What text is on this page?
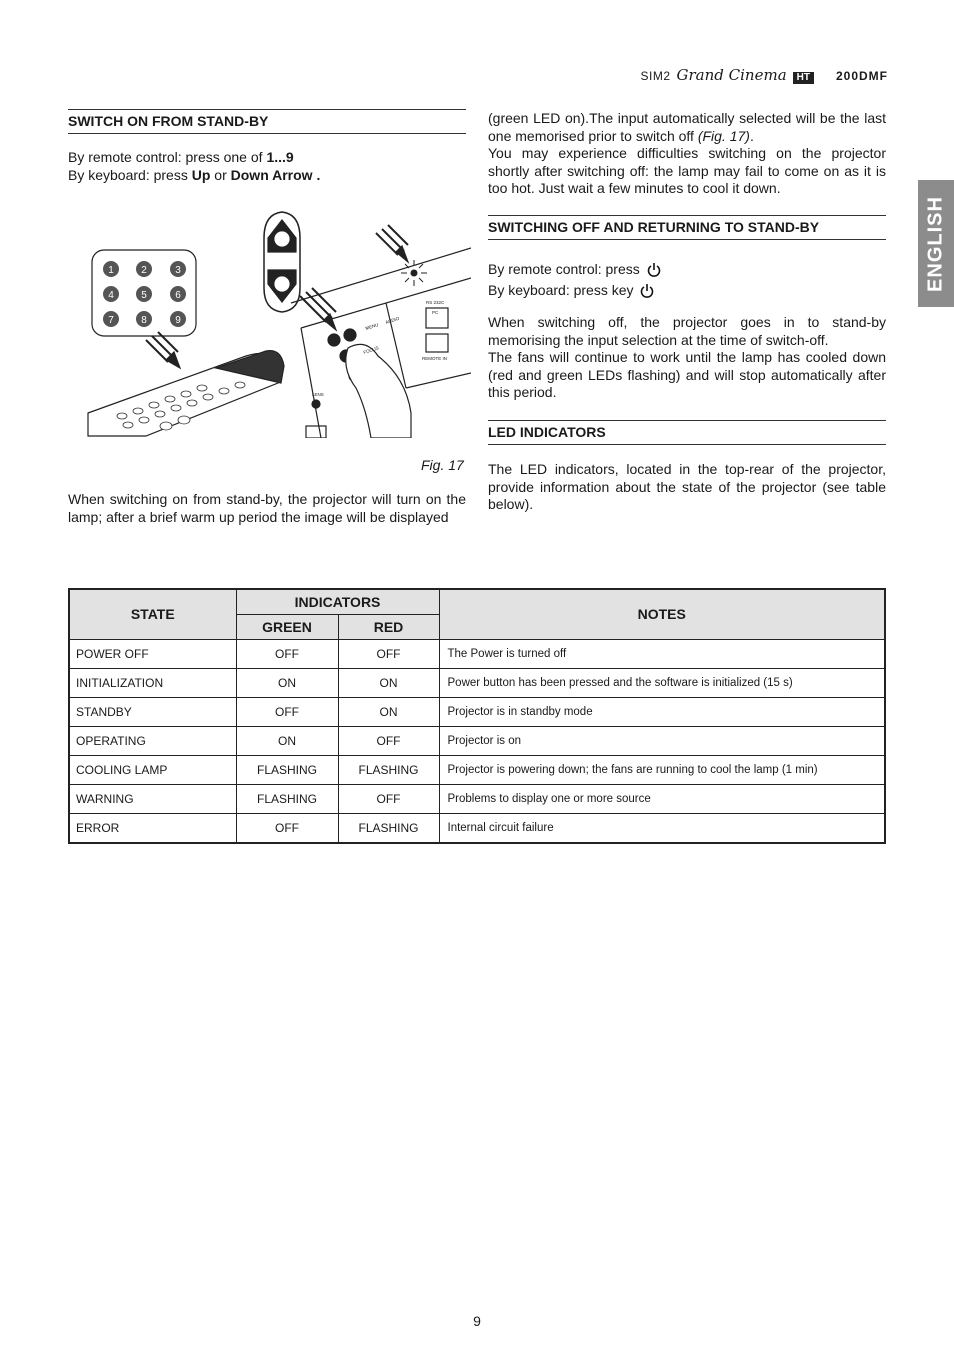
SIM2 Grand Cinema	HT	200DMF
ENGLISH
SWITCH ON FROM STAND-BY
By remote control: press one of 1...9
By keyboard: press Up or Down Arrow .
1	2	3
4	5	6
7	8	9
MENU
AUDIO
FOCUS
LENS
RS 232C
PC
REMOTE IN
Fig. 17
When switching on from stand-by, the projector will turn on the lamp; after a brief warm up period the image will be displayed
(green LED on).The input automatically selected will be the last one memorised prior to switch off (Fig. 17).
You may experience difficulties switching on the projector shortly after switching off: the lamp may fail to come on as it is too hot. Just wait a few minutes to cool it down.
SWITCHING OFF AND RETURNING TO STAND-BY
By remote control: press
By keyboard: press key
When switching off, the projector goes in to stand-by memorising the input selection at the time of switch-off.
The fans will continue to work until the lamp has cooled down (red and green LEDs flashing) and will stop automatically after this period.
LED INDICATORS
The LED indicators, located in the top-rear of the projector, provide information about the state of the projector (see table below).
STATE	INDICATORS		NOTES
	GREEN	RED	
POWER OFF	OFF	OFF	The Power is turned off
INITIALIZATION	ON	ON	Power button has been pressed and the software is initialized (15 s)
STANDBY	OFF	ON	Projector is in standby mode
OPERATING	ON	OFF	Projector is on
COOLING LAMP	FLASHING	FLASHING	Projector is powering down; the fans are running to cool the lamp (1 min)
WARNING	FLASHING	OFF	Problems to display one or more source
ERROR	OFF	FLASHING	Internal circuit failure
9
